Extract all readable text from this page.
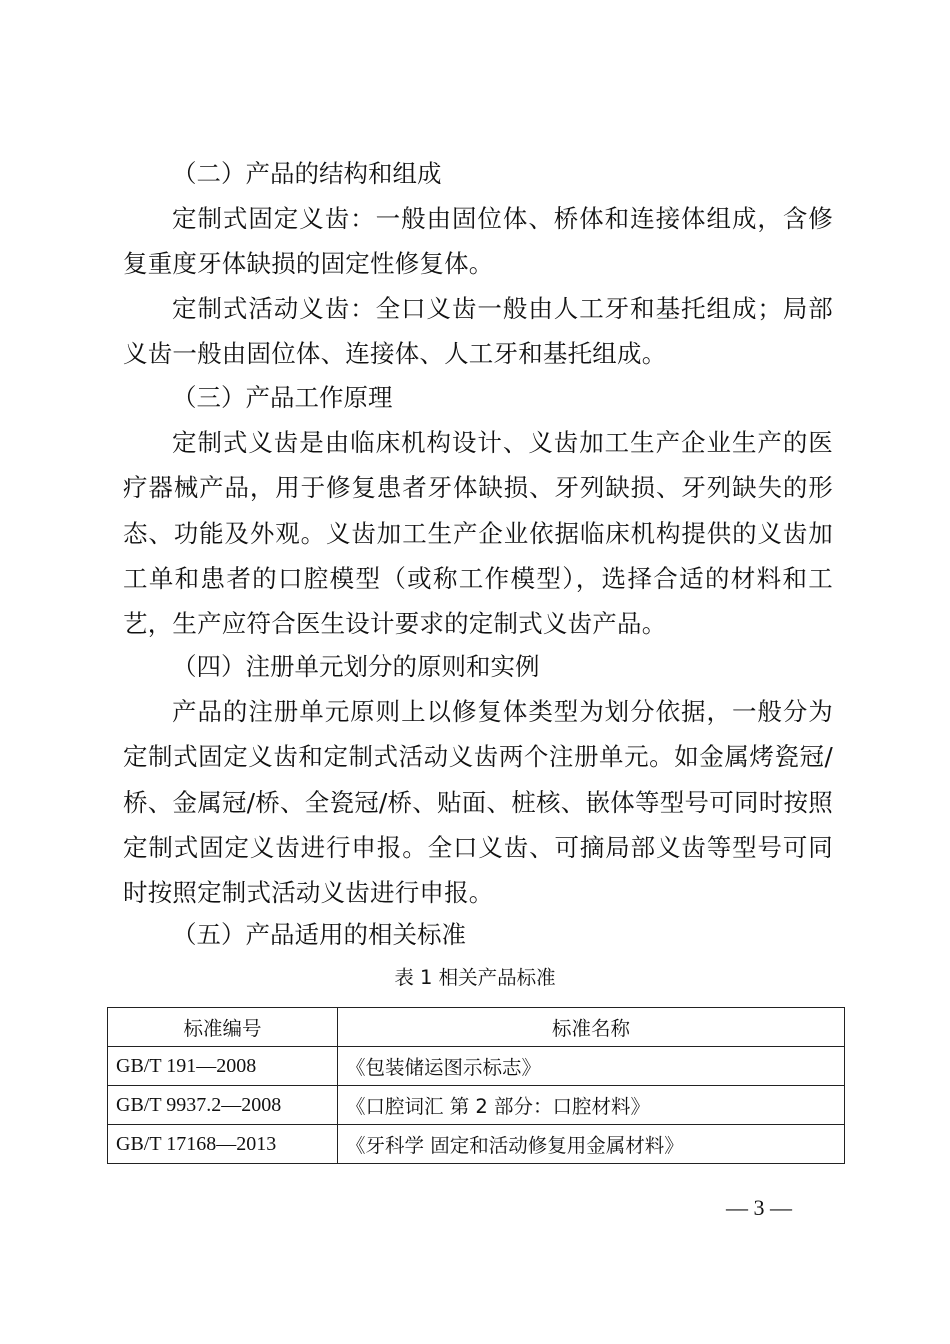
（二）产品的结构和组成

定制式固定义齿：一般由固位体、桥体和连接体组成，含修复重度牙体缺损的固定性修复体。

定制式活动义齿：全口义齿一般由人工牙和基托组成；局部义齿一般由固位体、连接体、人工牙和基托组成。

（三）产品工作原理

定制式义齿是由临床机构设计、义齿加工生产企业生产的医疗器械产品，用于修复患者牙体缺损、牙列缺损、牙列缺失的形态、功能及外观。义齿加工生产企业依据临床机构提供的义齿加工单和患者的口腔模型（或称工作模型），选择合适的材料和工艺，生产应符合医生设计要求的定制式义齿产品。

（四）注册单元划分的原则和实例

产品的注册单元原则上以修复体类型为划分依据，一般分为定制式固定义齿和定制式活动义齿两个注册单元。如金属烤瓷冠/桥、金属冠/桥、全瓷冠/桥、贴面、桩核、嵌体等型号可同时按照定制式固定义齿进行申报。全口义齿、可摘局部义齿等型号可同时按照定制式活动义齿进行申报。

（五）产品适用的相关标准

表 1 相关产品标准
标准编号	标准名称
GB/T 191—2008	《包装储运图示标志》
GB/T 9937.2—2008	《口腔词汇 第 2 部分：口腔材料》
GB/T 17168—2013	《牙科学 固定和活动修复用金属材料》
— 3 —
